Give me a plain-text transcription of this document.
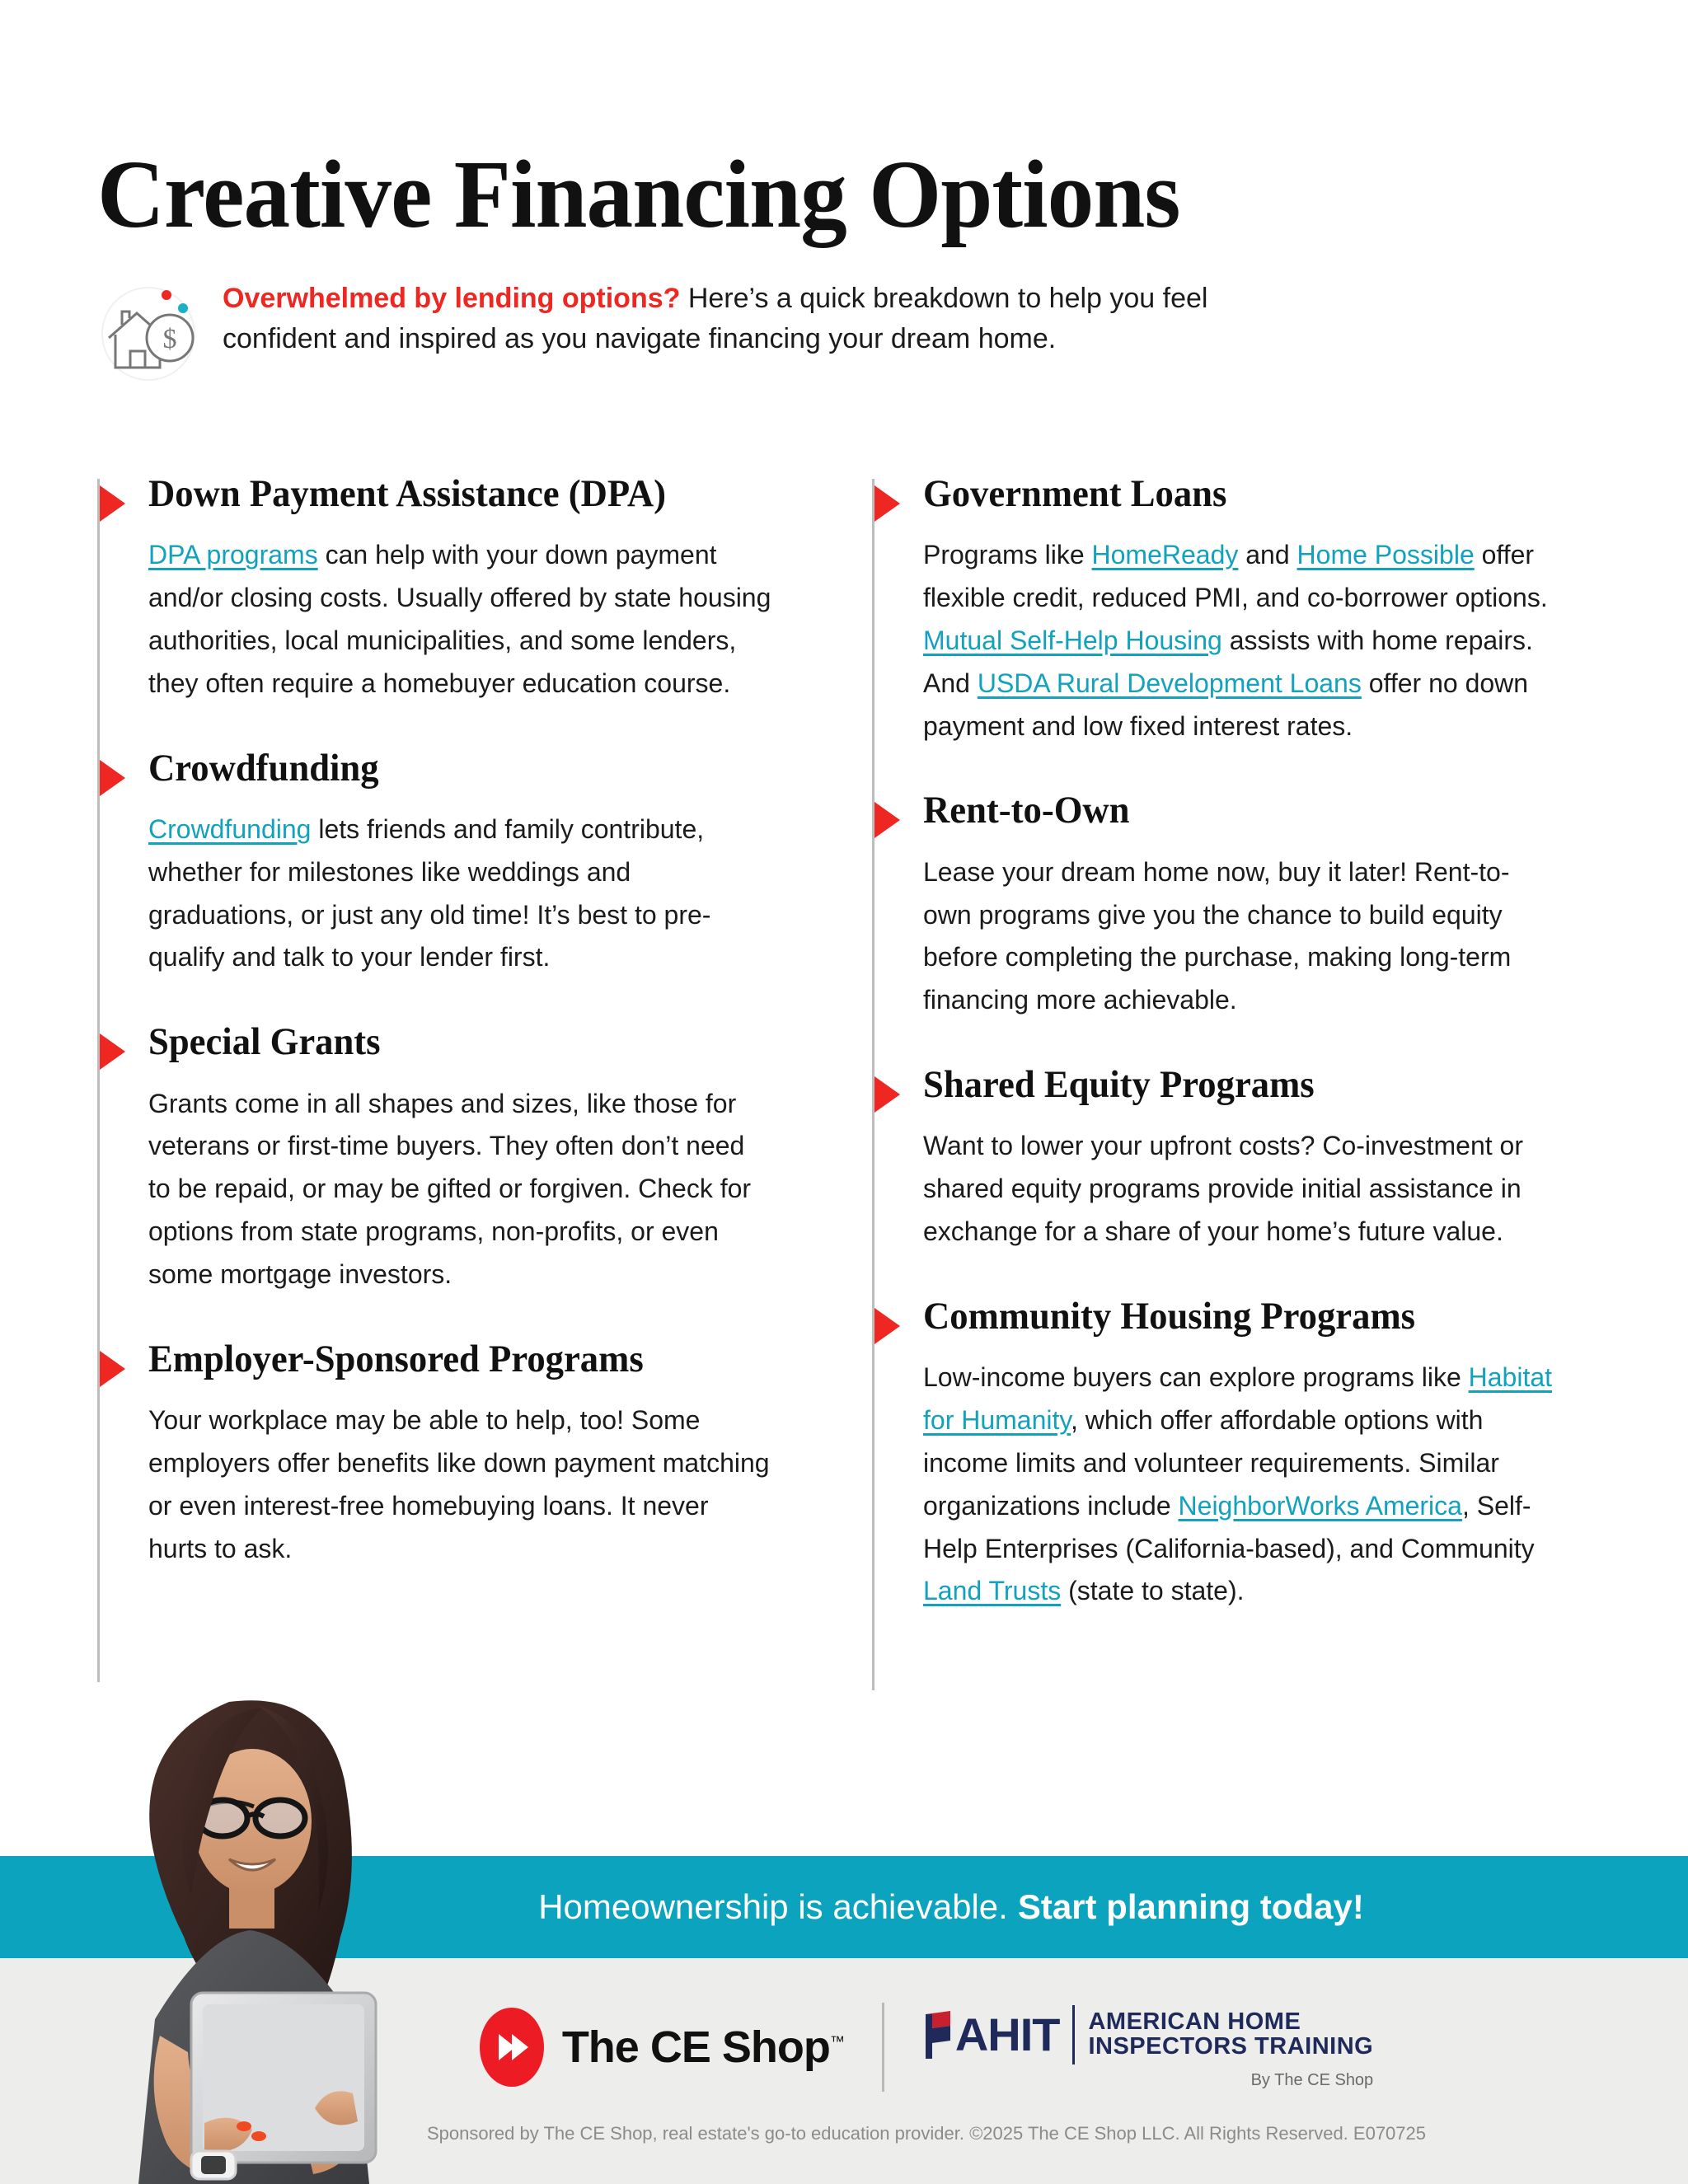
Creative Financing Options
$
Overwhelmed by lending options? Here’s a quick breakdown to help you feel confident and inspired as you navigate financing your dream home.
Down Payment Assistance (DPA)
DPA programs can help with your down payment and/or closing costs. Usually offered by state housing authorities, local municipalities, and some lenders, they often require a homebuyer education course.
Crowdfunding
Crowdfunding lets friends and family contribute, whether for milestones like weddings and graduations, or just any old time! It’s best to pre-qualify and talk to your lender first.
Special Grants
Grants come in all shapes and sizes, like those for veterans or first-time buyers. They often don’t need to be repaid, or may be gifted or forgiven. Check for options from state programs, non-profits, or even some mortgage investors.
Employer-Sponsored Programs
Your workplace may be able to help, too! Some employers offer benefits like down payment matching or even interest-free homebuying loans. It never hurts to ask.
Government Loans
Programs like HomeReady and Home Possible offer flexible credit, reduced PMI, and co-borrower options. Mutual Self-Help Housing assists with home repairs. And USDA Rural Development Loans offer no down payment and low fixed interest rates.
Rent-to-Own
Lease your dream home now, buy it later! Rent-to-own programs give you the chance to build equity before completing the purchase, making long-term financing more achievable.
Shared Equity Programs
Want to lower your upfront costs? Co-investment or shared equity programs provide initial assistance in exchange for a share of your home’s future value.
Community Housing Programs
Low-income buyers can explore programs like Habitat for Humanity, which offer affordable options with income limits and volunteer requirements. Similar organizations include NeighborWorks America, Self-Help Enterprises (California-based), and Community Land Trusts (state to state).
Homeownership is achievable. Start planning today!
The CE Shop™ AHIT AMERICAN HOME
INSPECTORS TRAINING
By The CE Shop
Sponsored by The CE Shop, real estate's go-to education provider. ©2025 The CE Shop LLC. All Rights Reserved. E070725
